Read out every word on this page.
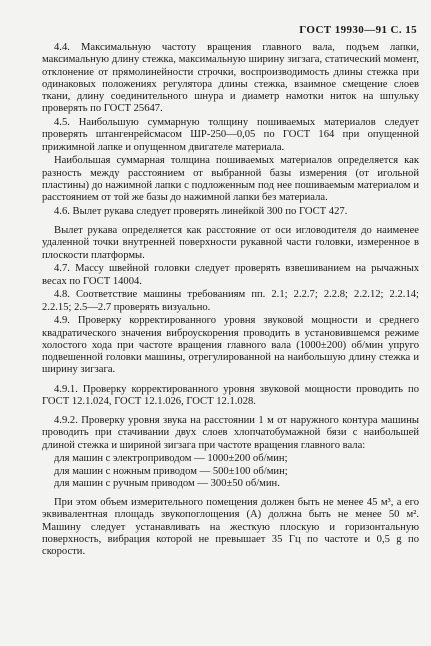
ГОСТ 19930—91 С. 15

4.4. Максимальную частоту вращения главного вала, подъем лапки, максимальную длину стежка, максимальную ширину зигзага, статический момент, отклонение от прямолинейности строчки, воспроизводимость длины стежка при одинаковых положениях регулятора длины стежка, взаимное смещение слоев ткани, длину соединительного шнура и диаметр намотки ниток на шпульку проверять по ГОСТ 25647.

4.5. Наибольшую суммарную толщину пошиваемых материалов следует проверять штангенрейсмасом ШР-250—0,05 по ГОСТ 164 при опущенной прижимной лапке и опущенном двигателе материала.

Наибольшая суммарная толщина пошиваемых материалов определяется как разность между расстоянием от выбранной базы измерения (от игольной пластины) до нажимной лапки с подложенным под нее пошиваемым материалом и расстоянием от той же базы до нажимной лапки без материала.

4.6. Вылет рукава следует проверять линейкой 300 по ГОСТ 427.

Вылет рукава определяется как расстояние от оси игловодителя до наименее удаленной точки внутренней поверхности рукавной части головки, измеренное в плоскости платформы.

4.7. Массу швейной головки следует проверять взвешиванием на рычажных весах по ГОСТ 14004.

4.8. Соответствие машины требованиям пп. 2.1; 2.2.7; 2.2.8; 2.2.12; 2.2.14; 2.2.15; 2.5—2.7 проверять визуально.

4.9. Проверку корректированного уровня звуковой мощности и среднего квадратического значения виброускорения проводить в установившемся режиме холостого хода при частоте вращения главного вала (1000±200) об/мин упруго подвешенной головки машины, отрегулированной на наибольшую длину стежка и ширину зигзага.

4.9.1. Проверку корректированного уровня звуковой мощности проводить по ГОСТ 12.1.024, ГОСТ 12.1.026, ГОСТ 12.1.028.

4.9.2. Проверку уровня звука на расстоянии 1 м от наружного контура машины проводить при стачивании двух слоев хлопчатобумажной бязи с наибольшей длиной стежка и шириной зигзага при частоте вращения главного вала:

для машин с электроприводом — 1000±200 об/мин;
для машин с ножным приводом — 500±100 об/мин;
для машин с ручным приводом — 300±50 об/мин.

При этом объем измерительного помещения должен быть не менее 45 м³, а его эквивалентная площадь звукопоглощения (А) должна быть не менее 50 м². Машину следует устанавливать на жесткую плоскую и горизонтальную поверхность, вибрация которой не превышает 35 Гц по частоте и 0,5 g по скорости.
